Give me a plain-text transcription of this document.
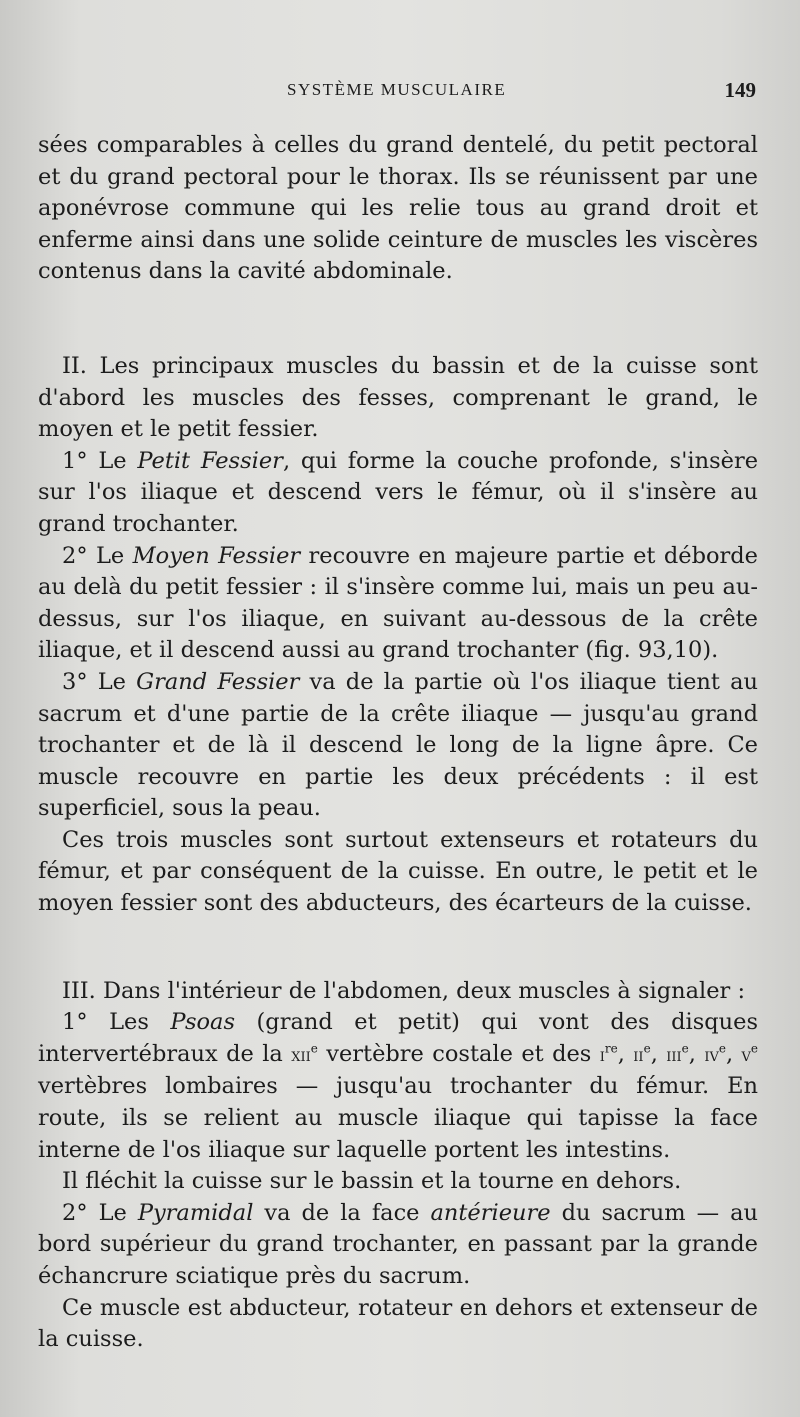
SYSTÈME MUSCULAIRE	149

sées comparables à celles du grand dentelé, du petit pectoral et du grand pectoral pour le thorax. Ils se réunissent par une aponévrose commune qui les relie tous au grand droit et enferme ainsi dans une solide ceinture de muscles les viscères contenus dans la cavité abdominale.

II. Les principaux muscles du bassin et de la cuisse sont d'abord les muscles des fesses, comprenant le grand, le moyen et le petit fessier.

1° Le Petit Fessier, qui forme la couche profonde, s'insère sur l'os iliaque et descend vers le fémur, où il s'insère au grand trochanter.

2° Le Moyen Fessier recouvre en majeure partie et déborde au delà du petit fessier : il s'insère comme lui, mais un peu au-dessus, sur l'os iliaque, en suivant au-dessous de la crête iliaque, et il descend aussi au grand trochanter (fig. 93,10).

3° Le Grand Fessier va de la partie où l'os iliaque tient au sacrum et d'une partie de la crête iliaque — jusqu'au grand trochanter et de là il descend le long de la ligne âpre. Ce muscle recouvre en partie les deux précédents : il est superficiel, sous la peau.

Ces trois muscles sont surtout extenseurs et rotateurs du fémur, et par conséquent de la cuisse. En outre, le petit et le moyen fessier sont des abducteurs, des écarteurs de la cuisse.

III. Dans l'intérieur de l'abdomen, deux muscles à signaler :

1° Les Psoas (grand et petit) qui vont des disques intervertébraux de la xii$^e$ vertèbre costale et des $i^{re}$, $ii^e$, iii$^e$, $iv^e$, $v^e$ vertèbres lombaires — jusqu'au trochanter du fémur. En route, ils se relient au muscle iliaque qui tapisse la face interne de l'os iliaque sur laquelle portent les intestins.

Il fléchit la cuisse sur le bassin et la tourne en dehors.

2° Le Pyramidal va de la face antérieure du sacrum — au bord supérieur du grand trochanter, en passant par la grande échancrure sciatique près du sacrum.

Ce muscle est abducteur, rotateur en dehors et extenseur de la cuisse.
